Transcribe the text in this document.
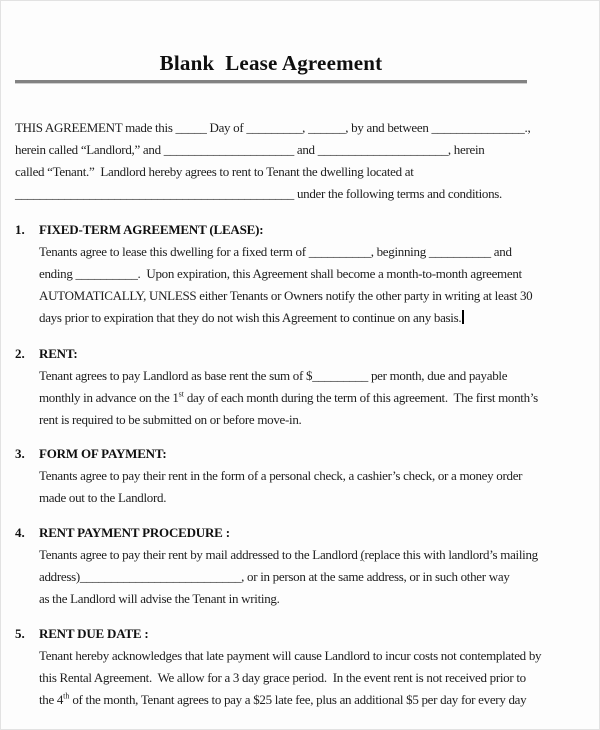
Blank  Lease Agreement
THIS AGREEMENT made this _____ Day of _________, ______, by and between _______________.,
herein called “Landlord,” and _____________________ and _____________________, herein
called “Tenant.”  Landlord hereby agrees to rent to Tenant the dwelling located at
_____________________________________________ under the following terms and conditions.
1.	FIXED-TERM AGREEMENT (LEASE):
Tenants agree to lease this dwelling for a fixed term of __________, beginning __________ and
ending __________.  Upon expiration, this Agreement shall become a month-to-month agreement
AUTOMATICALLY, UNLESS either Tenants or Owners notify the other party in writing at least 30
days prior to expiration that they do not wish this Agreement to continue on any basis.
2.	RENT:
Tenant agrees to pay Landlord as base rent the sum of $_________ per month, due and payable
monthly in advance on the 1st day of each month during the term of this agreement.  The first month’s
rent is required to be submitted on or before move-in.
3.	FORM OF PAYMENT:
Tenants agree to pay their rent in the form of a personal check, a cashier’s check, or a money order
made out to the Landlord.
4.	RENT PAYMENT PROCEDURE :
Tenants agree to pay their rent by mail addressed to the Landlord (replace this with landlord’s mailing
address)__________________________, or in person at the same address, or in such other way
as the Landlord will advise the Tenant in writing.
5.	RENT DUE DATE :
Tenant hereby acknowledges that late payment will cause Landlord to incur costs not contemplated by
this Rental Agreement.  We allow for a 3 day grace period.  In the event rent is not received prior to
the 4th of the month, Tenant agrees to pay a $25 late fee, plus an additional $5 per day for every day
